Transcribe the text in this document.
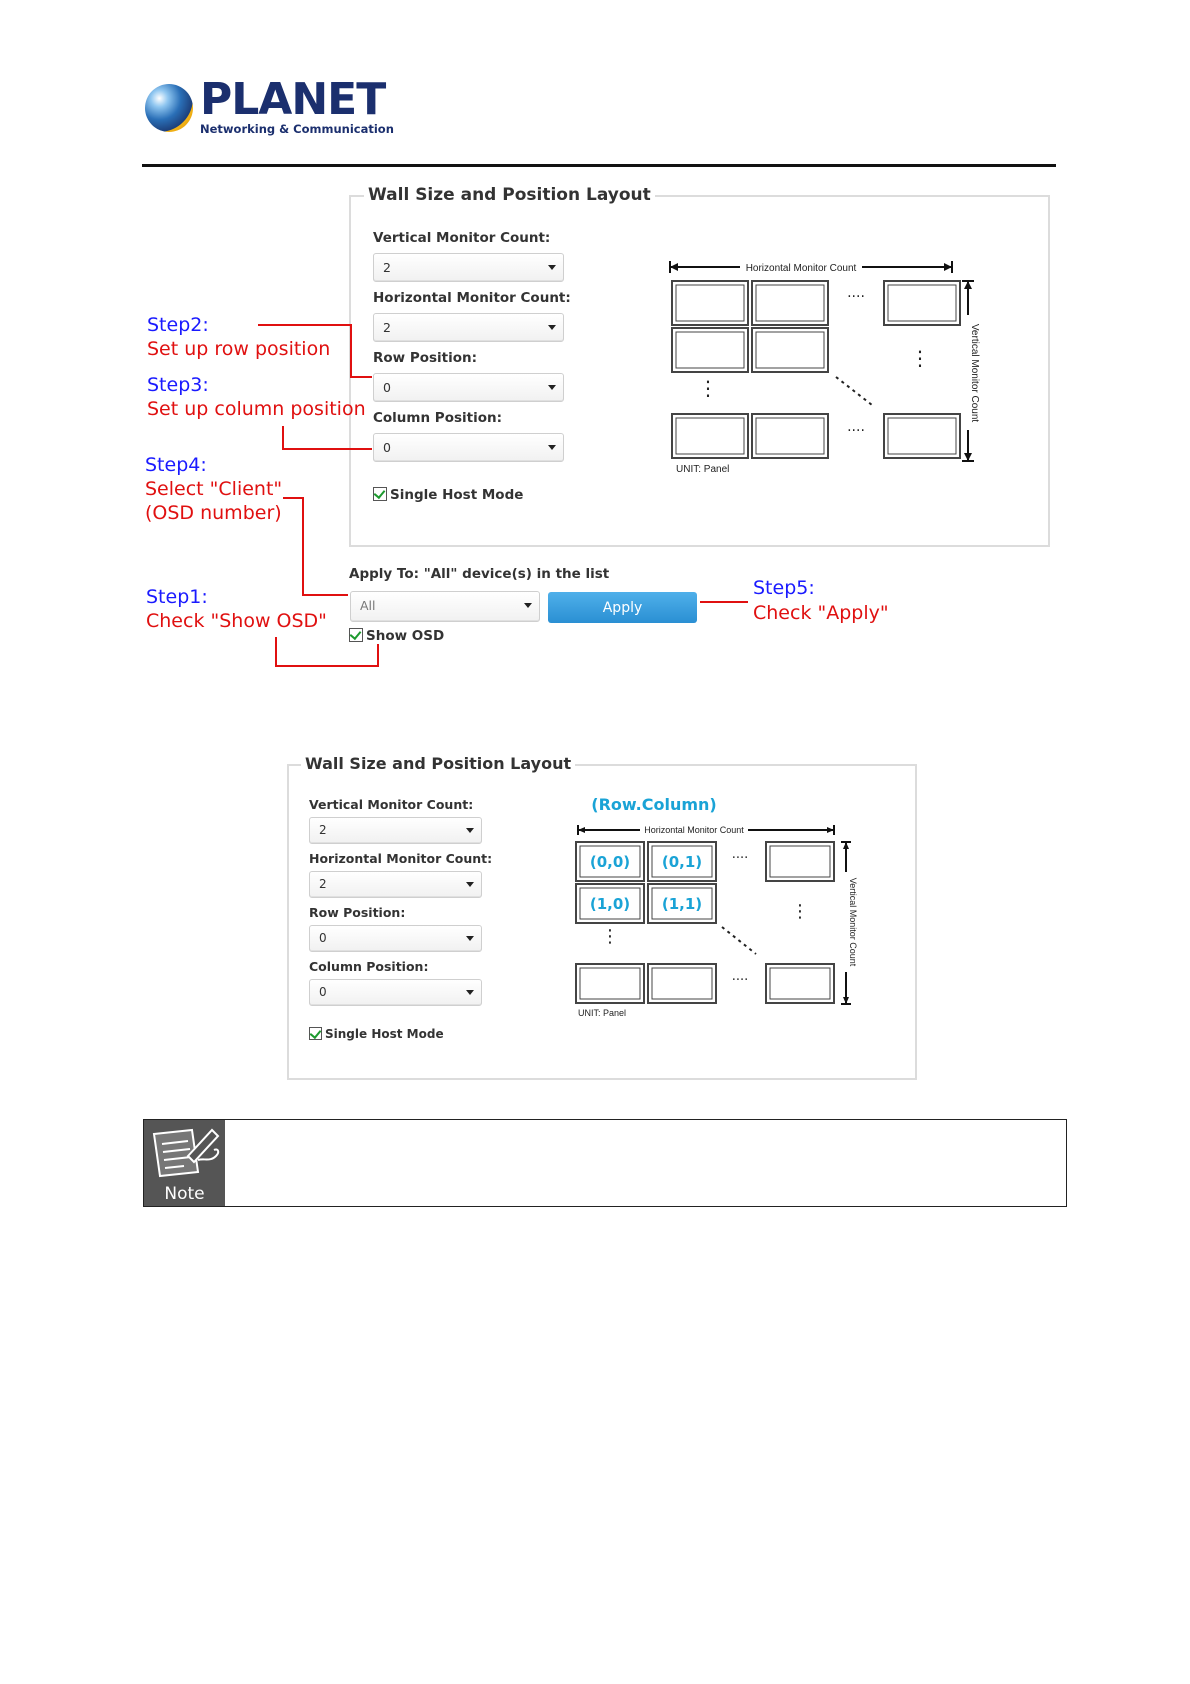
PLANET
Networking & Communication
Wall Size and Position Layout
Vertical Monitor Count:
2
Horizontal Monitor Count:
2
Row Position:
0
Column Position:
0
Single Host Mode
Horizontal Monitor Count
Vertical Monitor Count
····
····
⋮
⋮
UNIT: Panel
Apply To: "All" device(s) in the list
All	Apply
Show OSD
Step2:
Set up row position
Step3:
Set up column position
Step4:
Select "Client"
(OSD number)
Step1:
Check "Show OSD"
Step5:
Check "Apply"
Wall Size and Position Layout
Vertical Monitor Count:
2
Horizontal Monitor Count:
2
Row Position:
0
Column Position:
0
Single Host Mode
(Row.Column)
Horizontal Monitor Count
Vertical Monitor Count
(0,0) (0,1)
(1,0) (1,1)
····
····
⋮
⋮
UNIT: Panel
Note
